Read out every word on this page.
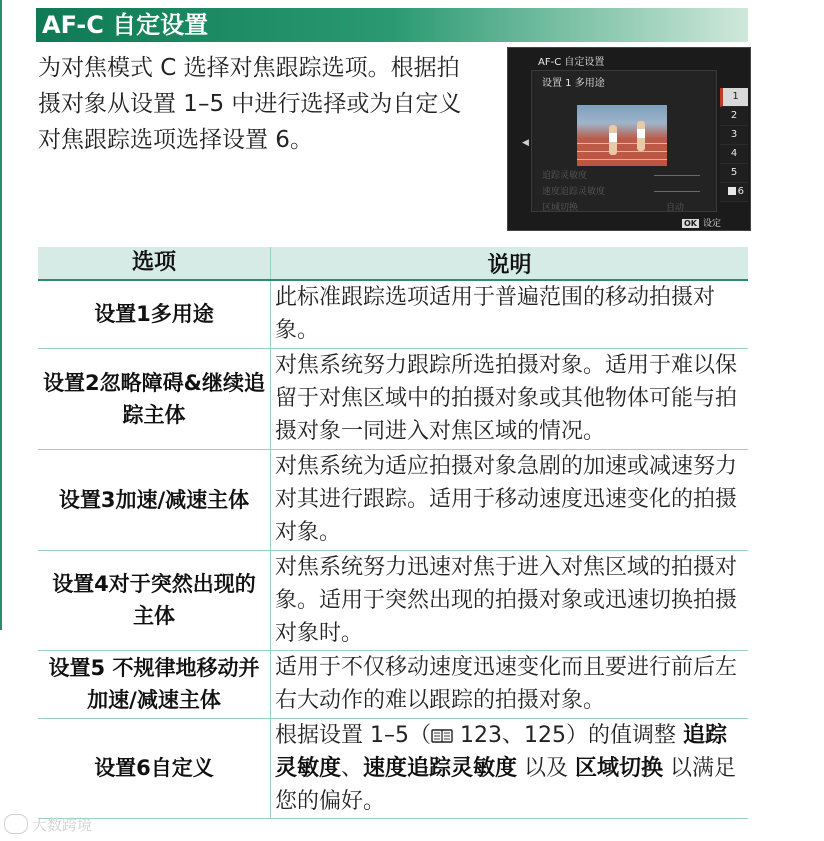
AF-C 自定设置
为对焦模式 C 选择对焦跟踪选项。根据拍摄对象从设置 1–5 中进行选择或为自定义对焦跟踪选项选择设置 6。
AF-C 自定设置
设置 1 多用途
◀
追踪灵敏度
速度追踪灵敏度
区域切换	自动
1
2
3
4
5
6
OK 设定
选项	说明
设置1多用途	此标准跟踪选项适用于普遍范围的移动拍摄对象。
设置2忽略障碍&继续追踪主体	对焦系统努力跟踪所选拍摄对象。适用于难以保留于对焦区域中的拍摄对象或其他物体可能与拍摄对象一同进入对焦区域的情况。
设置3加速/减速主体	对焦系统为适应拍摄对象急剧的加速或减速努力对其进行跟踪。适用于移动速度迅速变化的拍摄对象。
设置4对于突然出现的主体	对焦系统努力迅速对焦于进入对焦区域的拍摄对象。适用于突然出现的拍摄对象或迅速切换拍摄对象时。
设置5 不规律地移动并加速/减速主体	适用于不仅移动速度迅速变化而且要进行前后左右大动作的难以跟踪的拍摄对象。
设置6自定义	根据设置 1–5（ 123、125）的值调整 追踪灵敏度、速度追踪灵敏度 以及 区域切换 以满足您的偏好。
大数跨境
